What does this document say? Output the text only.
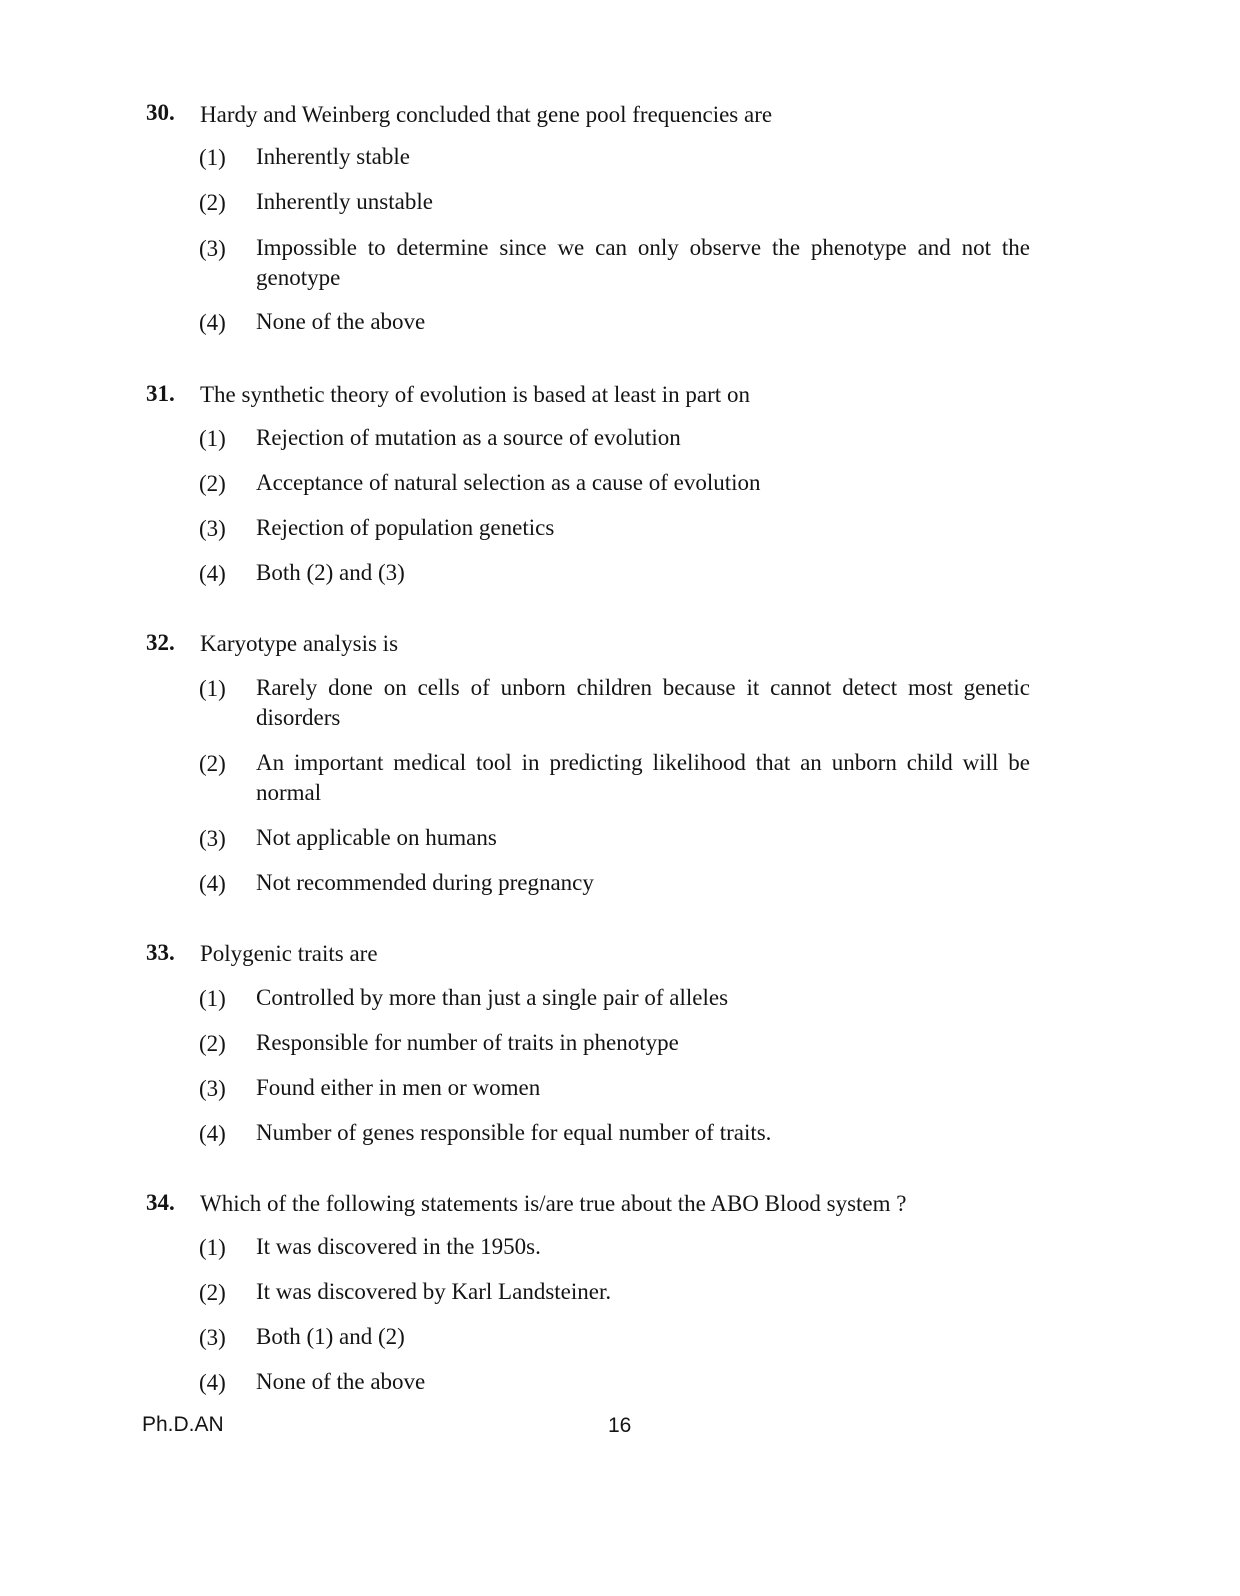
30. Hardy and Weinberg concluded that gene pool frequencies are
(1) Inherently stable
(2) Inherently unstable
(3) Impossible to determine since we can only observe the phenotype and not the genotype
(4) None of the above
31. The synthetic theory of evolution is based at least in part on
(1) Rejection of mutation as a source of evolution
(2) Acceptance of natural selection as a cause of evolution
(3) Rejection of population genetics
(4) Both (2) and (3)
32. Karyotype analysis is
(1) Rarely done on cells of unborn children because it cannot detect most genetic disorders
(2) An important medical tool in predicting likelihood that an unborn child will be normal
(3) Not applicable on humans
(4) Not recommended during pregnancy
33. Polygenic traits are
(1) Controlled by more than just a single pair of alleles
(2) Responsible for number of traits in phenotype
(3) Found either in men or women
(4) Number of genes responsible for equal number of traits.
34. Which of the following statements is/are true about the ABO Blood system ?
(1) It was discovered in the 1950s.
(2) It was discovered by Karl Landsteiner.
(3) Both (1) and (2)
(4) None of the above
Ph.D.AN	16
